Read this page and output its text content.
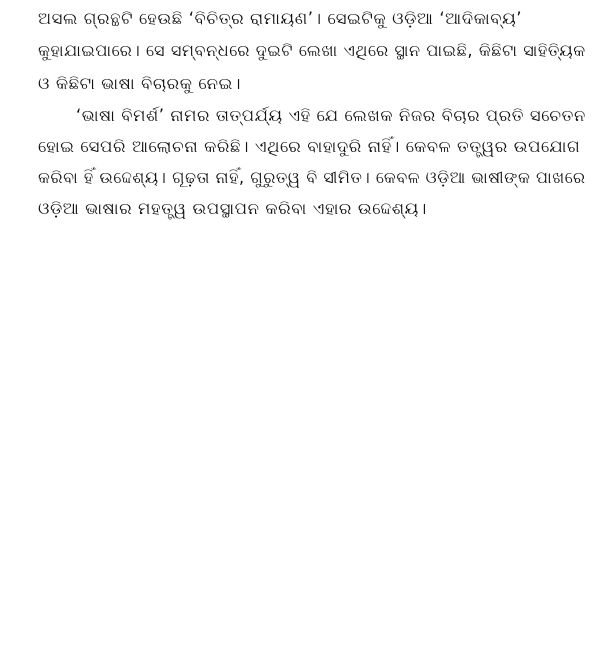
ଅସଲ ଗ୍ରନ୍ଥଟି ହେଉଛି ‘ବିଚିତ୍ର ରାମାୟଣ’। ସେଇଟିକୁ ଓଡ଼ିଆ ‘ଆଦିକାବ୍ୟ’
କୁହାଯାଇପାରେ। ସେ ସମ୍ବନ୍ଧରେ ଦୁଇଟି ଲେଖା ଏଥିରେ ସ୍ଥାନ ପାଇଛି, କିଛିଟା ସାହିତ୍ୟିକ
ଓ କିଛିଟା ଭାଷା ବିଚାରକୁ ନେଇ।
‘ଭାଷା ବିମର୍ଶ’ ନାମର ତାତ୍ପର୍ଯ୍ୟ ଏହି ଯେ ଲେଖକ ନିଜର ବିଚାର ପ୍ରତି ସଚେତନ
ହୋଇ ସେପରି ଆଲୋଚନା କରିଛି। ଏଥିରେ ବାହାଦୁରି ନାହିଁ। କେବଳ ତତ୍ତ୍ୱର ଉପଯୋଗ
କରିବା ହିଁ ଉଦ୍ଦେଶ୍ୟ। ଗୂଢ଼ତା ନାହିଁ, ଗୁରୁତ୍ୱ ବି ସୀମିତ। କେବଳ ଓଡ଼ିଆ ଭାଷୀଙ୍କ ପାଖରେ
ଓଡ଼ିଆ ଭାଷାର ମହତ୍ତ୍ୱ ଉପସ୍ଥାପନ କରିବା ଏହାର ଉଦ୍ଦେଶ୍ୟ।
